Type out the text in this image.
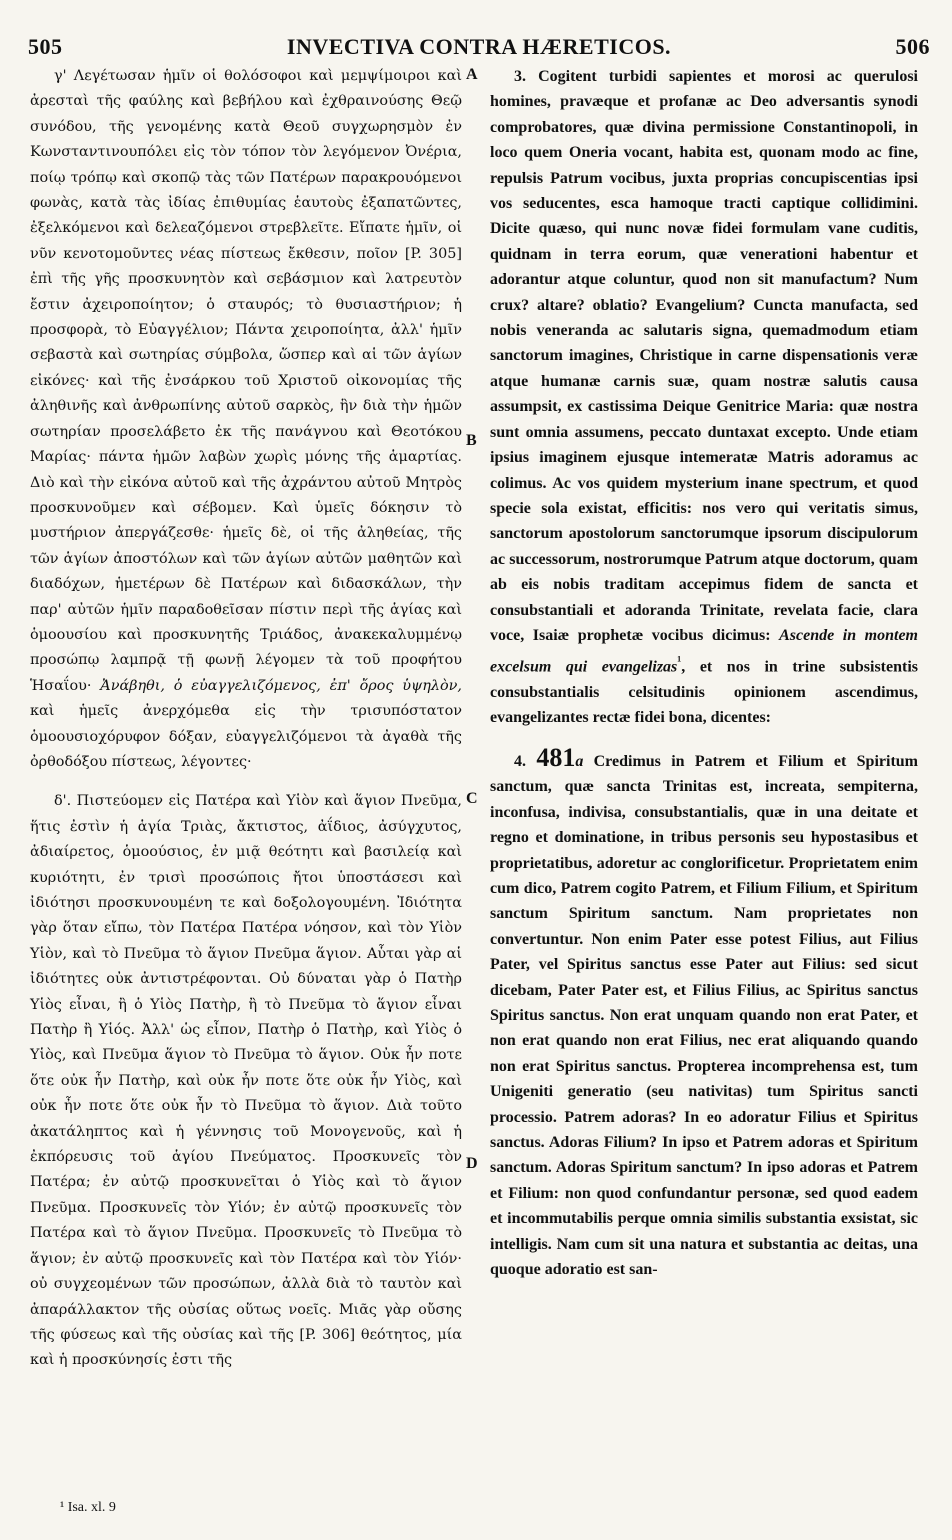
505	INVECTIVA CONTRA HÆRETICOS.	506

γ' Λεγέτωσαν ἡμῖν οἱ θολόσοφοι καὶ μεμψίμοιροι καὶ ἀρεσταὶ τῆς φαύλης καὶ βεβήλου καὶ ἐχθραινούσης Θεῷ συνόδου, τῆς γενομένης κατὰ Θεοῦ συγχωρησμὸν ἐν Κωνσταντινουπόλει εἰς τὸν τόπον τὸν λεγόμενον Ὀνέρια, ποίῳ τρόπῳ καὶ σκοπῷ τὰς τῶν Πατέρων παρακρουόμενοι φωνὰς, κατὰ τὰς ἰδίας ἐπιθυμίας ἑαυτοὺς ἐξαπατῶντες, ἐξελκόμενοι καὶ δελεαζόμενοι στρεβλεῖτε. Εἴπατε ἡμῖν, οἱ νῦν κενοτομοῦντες νέας πίστεως ἔκθεσιν, ποῖον [P. 305] ἐπὶ τῆς γῆς προσκυνητὸν καὶ σεβάσμιον καὶ λατρευτὸν ἔστιν ἀχειροποίητον; ὁ σταυρός; τὸ θυσιαστήριον; ἡ προσφορὰ, τὸ Εὐαγγέλιον; Πάντα χειροποίητα, ἀλλ' ἡμῖν σεβαστὰ καὶ σωτηρίας σύμβολα, ὥσπερ καὶ αἱ τῶν ἁγίων εἰκόνες· καὶ τῆς ἐνσάρκου τοῦ Χριστοῦ οἰκονομίας τῆς ἀληθινῆς καὶ ἀνθρωπίνης αὐτοῦ σαρκὸς, ἣν διὰ τὴν ἡμῶν σωτηρίαν προσελάβετο ἐκ τῆς πανάγνου καὶ Θεοτόκου Μαρίας· πάντα ἡμῶν λαβὼν χωρὶς μόνης τῆς ἁμαρτίας. Διὸ καὶ τὴν εἰκόνα αὐτοῦ καὶ τῆς ἀχράντου αὐτοῦ Μητρὸς προσκυνοῦμεν καὶ σέβομεν. Καὶ ὑμεῖς δόκησιν τὸ μυστήριον ἀπεργάζεσθε· ἡμεῖς δὲ, οἱ τῆς ἀληθείας, τῆς τῶν ἁγίων ἀποστόλων καὶ τῶν ἁγίων αὐτῶν μαθητῶν καὶ διαδόχων, ἡμετέρων δὲ Πατέρων καὶ διδασκάλων, τὴν παρ' αὐτῶν ἡμῖν παραδοθεῖσαν πίστιν περὶ τῆς ἁγίας καὶ ὁμοουσίου καὶ προσκυνητῆς Τριάδος, ἀνακεκαλυμμένῳ προσώπῳ λαμπρᾷ τῇ φωνῇ λέγομεν τὰ τοῦ προφήτου Ἡσαΐου· Ἀνάβηθι, ὁ εὐαγγελιζόμενος, ἐπ' ὄρος ὑψηλὸν, καὶ ἡμεῖς ἀνερχόμεθα εἰς τὴν τρισυπόστατον ὁμοουσιοχόρυφον δόξαν, εὐαγγελιζόμενοι τὰ ἀγαθὰ τῆς ὀρθοδόξου πίστεως, λέγοντες·

δ'. Πιστεύομεν εἰς Πατέρα καὶ Υἱὸν καὶ ἅγιον Πνεῦμα, ἥτις ἐστὶν ἡ ἁγία Τριὰς, ἄκτιστος, ἀΐδιος, ἀσύγχυτος, ἀδιαίρετος, ὁμοούσιος, ἐν μιᾷ θεότητι καὶ βασιλείᾳ καὶ κυριότητι, ἐν τρισὶ προσώποις ἤτοι ὑποστάσεσι καὶ ἰδιότησι προσκυνουμένη τε καὶ δοξολογουμένη. Ἰδιότητα γὰρ ὅταν εἴπω, τὸν Πατέρα Πατέρα νόησον, καὶ τὸν Υἱὸν Υἱὸν, καὶ τὸ Πνεῦμα τὸ ἅγιον Πνεῦμα ἅγιον. Αὗται γὰρ αἱ ἰδιότητες οὐκ ἀντιστρέφονται. Οὐ δύναται γὰρ ὁ Πατὴρ Υἱὸς εἶναι, ἢ ὁ Υἱὸς Πατὴρ, ἢ τὸ Πνεῦμα τὸ ἅγιον εἶναι Πατὴρ ἢ Υἱός. Ἀλλ' ὡς εἶπον, Πατὴρ ὁ Πατὴρ, καὶ Υἱὸς ὁ Υἱὸς, καὶ Πνεῦμα ἅγιον τὸ Πνεῦμα τὸ ἅγιον. Οὐκ ἦν ποτε ὅτε οὐκ ἦν Πατὴρ, καὶ οὐκ ἦν ποτε ὅτε οὐκ ἦν Υἱὸς, καὶ οὐκ ἦν ποτε ὅτε οὐκ ἦν τὸ Πνεῦμα τὸ ἅγιον. Διὰ τοῦτο ἀκατάληπτος καὶ ἡ γέννησις τοῦ Μονογενοῦς, καὶ ἡ ἐκπόρευσις τοῦ ἁγίου Πνεύματος. Προσκυνεῖς τὸν Πατέρα; ἐν αὐτῷ προσκυνεῖται ὁ Υἱὸς καὶ τὸ ἅγιον Πνεῦμα. Προσκυνεῖς τὸν Υἱόν; ἐν αὐτῷ προσκυνεῖς τὸν Πατέρα καὶ τὸ ἅγιον Πνεῦμα. Προσκυνεῖς τὸ Πνεῦμα τὸ ἅγιον; ἐν αὐτῷ προσκυνεῖς καὶ τὸν Πατέρα καὶ τὸν Υἱόν· οὐ συγχεομένων τῶν προσώπων, ἀλλὰ διὰ τὸ ταυτὸν καὶ ἀπαράλλακτον τῆς οὐσίας οὕτως νοεῖς. Μιᾶς γὰρ οὔσης τῆς φύσεως καὶ τῆς οὐσίας καὶ τῆς [P. 306] θεότητος, μία καὶ ἡ προσκύνησίς ἐστι τῆς

A
B
C
D

3. Cogitent turbidi sapientes et morosi ac querulosi homines, pravæque et profanæ ac Deo adversantis synodi comprobatores, quæ divina permissione Constantinopoli, in loco quem Oneria vocant, habita est, quonam modo ac fine, repulsis Patrum vocibus, juxta proprias concupiscentias ipsi vos seducentes, esca hamoque tracti captique collidimini. Dicite quæso, qui nunc novæ fidei formulam vane cuditis, quidnam in terra eorum, quæ venerationi habentur et adorantur atque coluntur, quod non sit manufactum? Num crux? altare? oblatio? Evangelium? Cuncta manufacta, sed nobis veneranda ac salutaris signa, quemadmodum etiam sanctorum imagines, Christique in carne dispensationis veræ atque humanæ carnis suæ, quam nostræ salutis causa assumpsit, ex castissima Deique Genitrice Maria: quæ nostra sunt omnia assumens, peccato duntaxat excepto. Unde etiam ipsius imaginem ejusque intemeratæ Matris adoramus ac colimus. Ac vos quidem mysterium inane spectrum, et quod specie sola existat, efficitis: nos vero qui veritatis simus, sanctorum apostolorum sanctorumque ipsorum discipulorum ac successorum, nostrorumque Patrum atque doctorum, quam ab eis nobis traditam accepimus fidem de sancta et consubstantiali et adoranda Trinitate, revelata facie, clara voce, Isaiæ prophetæ vocibus dicimus: Ascende in montem excelsum qui evangelizas$^{^1}$, et nos in trine subsistentis consubstantialis celsitudinis opinionem ascendimus, evangelizantes rectæ fidei bona, dicentes:

4. 481a Credimus in Patrem et Filium et Spiritum sanctum, quæ sancta Trinitas est, increata, sempiterna, inconfusa, indivisa, consubstantialis, quæ in una deitate et regno et dominatione, in tribus personis seu hypostasibus et proprietatibus, adoretur ac conglorificetur. Proprietatem enim cum dico, Patrem cogito Patrem, et Filium Filium, et Spiritum sanctum Spiritum sanctum. Nam proprietates non convertuntur. Non enim Pater esse potest Filius, aut Filius Pater, vel Spiritus sanctus esse Pater aut Filius: sed sicut dicebam, Pater Pater est, et Filius Filius, ac Spiritus sanctus Spiritus sanctus. Non erat unquam quando non erat Pater, et non erat quando non erat Filius, nec erat aliquando quando non erat Spiritus sanctus. Propterea incomprehensa est, tum Unigeniti generatio (seu nativitas) tum Spiritus sancti processio. Patrem adoras? In eo adoratur Filius et Spiritus sanctus. Adoras Filium? In ipso et Patrem adoras et Spiritum sanctum. Adoras Spiritum sanctum? In ipso adoras et Patrem et Filium: non quod confundantur personæ, sed quod eadem et incommutabilis perque omnia similis substantia exsistat, sic intelligis. Nam cum sit una natura et substantia ac deitas, una quoque adoratio est san-

¹ Isa. xl. 9
